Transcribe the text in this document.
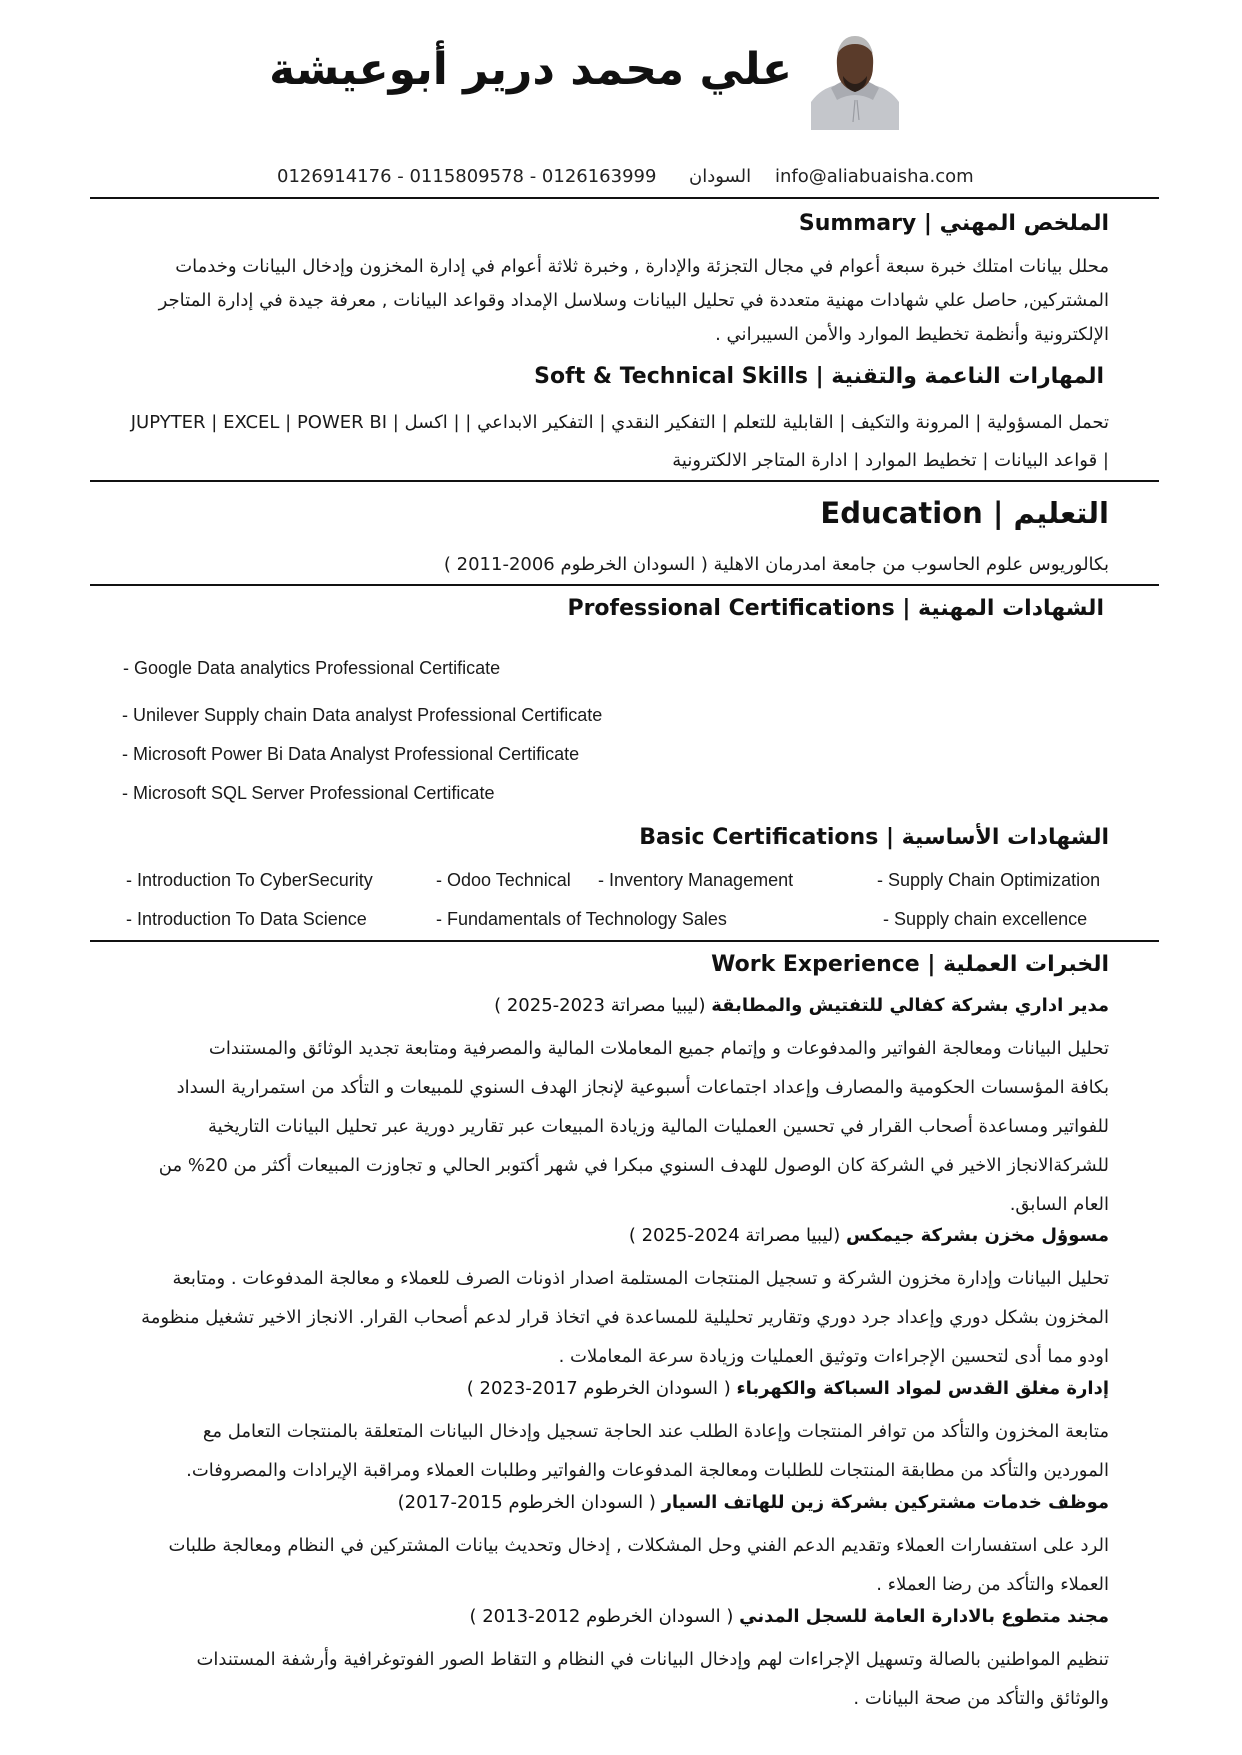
علي محمد درير أبوعيشة
info@aliabuaisha.com
السودان
0126914176 - 0115809578 - 0126163999
الملخص المهني | Summary
محلل بيانات امتلك خبرة سبعة أعوام في مجال التجزئة والإدارة , وخبرة ثلاثة أعوام في إدارة المخزون وإدخال البيانات وخدمات
المشتركين, حاصل علي شهادات مهنية متعددة في تحليل البيانات وسلاسل الإمداد وقواعد البيانات , معرفة جيدة في إدارة المتاجر
الإلكترونية وأنظمة تخطيط الموارد والأمن السيبراني .
المهارات الناعمة والتقنية | Soft & Technical Skills
JUPYTER | EXCEL | POWER BI | تحمل المسؤولية | المرونة والتكيف | القابلية للتعلم | التفكير النقدي | التفكير الابداعي | | اكسل
| قواعد البيانات | تخطيط الموارد | ادارة المتاجر الالكترونية
التعليم | Education
بكالوريوس علوم الحاسوب من جامعة امدرمان الاهلية ( السودان الخرطوم 2006-2011 )
الشهادات المهنية | Professional Certifications
- Google Data analytics Professional Certificate
- Unilever Supply chain Data analyst Professional Certificate
- Microsoft Power Bi Data Analyst Professional Certificate
- Microsoft SQL Server Professional Certificate
الشهادات الأساسية | Basic Certifications
- Introduction To CyberSecurity	- Odoo Technical - Inventory Management	- Supply Chain Optimization
- Introduction To Data Science	- Fundamentals of Technology Sales	- Supply chain excellence
الخبرات العملية | Work Experience
مدير اداري بشركة كفالي للتفتيش والمطابقة (ليبيا مصراتة 2023-2025 )
تحليل البيانات ومعالجة الفواتير والمدفوعات و وإتمام جميع المعاملات المالية والمصرفية ومتابعة تجديد الوثائق والمستندات
بكافة المؤسسات الحكومية والمصارف وإعداد اجتماعات أسبوعية لإنجاز الهدف السنوي للمبيعات و التأكد من استمرارية السداد
للفواتير ومساعدة أصحاب القرار في تحسين العمليات المالية وزيادة المبيعات عبر تقارير دورية عبر تحليل البيانات التاريخية
للشركةالانجاز الاخير في الشركة كان الوصول للهدف السنوي مبكرا في شهر أكتوبر الحالي و تجاوزت المبيعات أكثر من 20% من
العام السابق.
مسوؤل مخزن بشركة جيمكس (ليبيا مصراتة 2024-2025 )
تحليل البيانات وإدارة مخزون الشركة و تسجيل المنتجات المستلمة اصدار اذونات الصرف للعملاء و معالجة المدفوعات . ومتابعة
المخزون بشكل دوري وإعداد جرد دوري وتقارير تحليلية للمساعدة في اتخاذ قرار لدعم أصحاب القرار. الانجاز الاخير تشغيل منظومة
اودو مما أدى لتحسين الإجراءات وتوثيق العمليات وزيادة سرعة المعاملات .
إدارة مغلق القدس لمواد السباكة والكهرباء ( السودان الخرطوم 2017-2023 )
متابعة المخزون والتأكد من توافر المنتجات وإعادة الطلب عند الحاجة تسجيل وإدخال البيانات المتعلقة بالمنتجات التعامل مع
الموردين والتأكد من مطابقة المنتجات للطلبات ومعالجة المدفوعات والفواتير وطلبات العملاء ومراقبة الإيرادات والمصروفات.
موظف خدمات مشتركين بشركة زين للهاتف السيار ( السودان الخرطوم 2015-2017)
الرد على استفسارات العملاء وتقديم الدعم الفني وحل المشكلات , إدخال وتحديث بيانات المشتركين في النظام ومعالجة طلبات
العملاء والتأكد من رضا العملاء .
مجند متطوع بالادارة العامة للسجل المدني ( السودان الخرطوم 2012-2013 )
تنظيم المواطنين بالصالة وتسهيل الإجراءات لهم وإدخال البيانات في النظام و التقاط الصور الفوتوغرافية وأرشفة المستندات
والوثائق والتأكد من صحة البيانات .
